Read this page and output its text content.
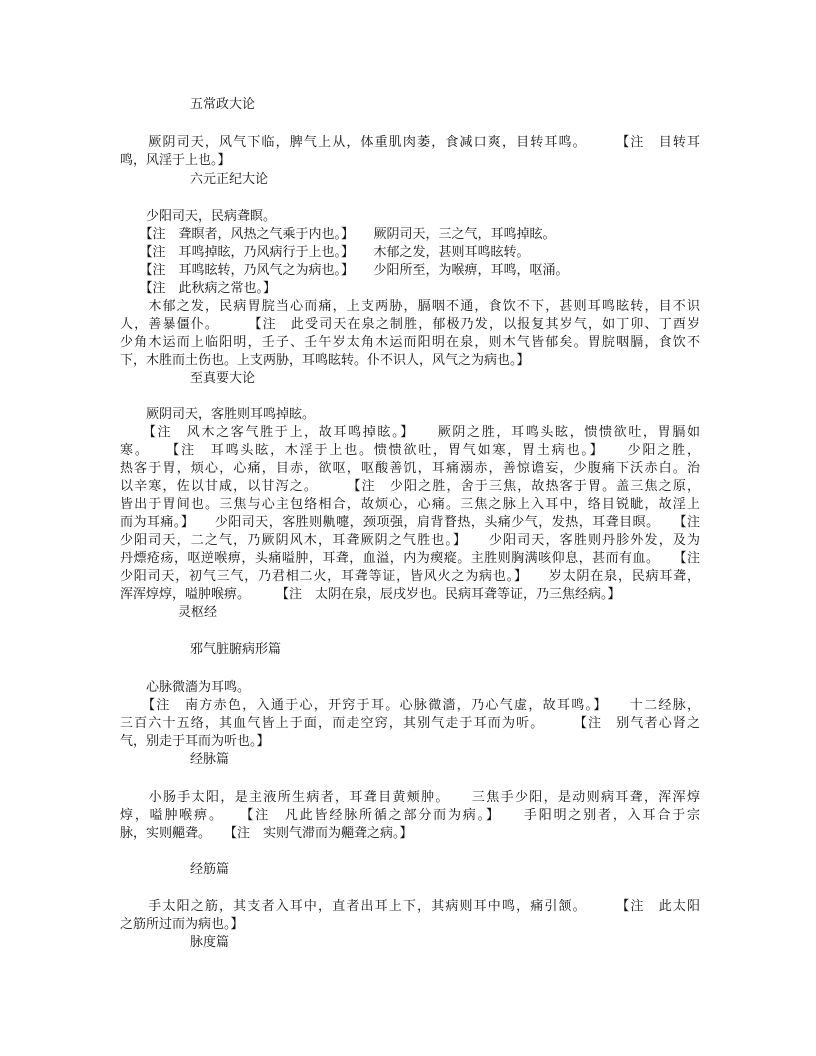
五常政大论
　　厥阴司天，风气下临，脾气上从，体重肌肉萎，食减口爽，目转耳鸣。　　　【注　目转耳
鸣，风淫于上也。】
六元正纪大论
　　少阳司天，民病聋瞑。
　　【注　聋瞑者，风热之气乘于内也。】　　厥阴司天，三之气，耳鸣掉眩。
　　【注　耳鸣掉眩，乃风病行于上也。】　　木郁之发，甚则耳鸣眩转。
　　【注　耳鸣眩转，乃风气之为病也。】　　少阳所至，为喉痹，耳鸣，呕涌。
　　【注　此秋病之常也。】
　　木郁之发，民病胃脘当心而痛，上支两胁，膈咽不通，食饮不下，甚则耳鸣眩转，目不识
人，善暴僵仆。　　　【注　此受司天在泉之制胜，郁极乃发，以报复其岁气，如丁卯、丁酉岁
少角木运而上临阳明，壬子、壬午岁太角木运而阳明在泉，则木气皆郁矣。胃脘咽膈，食饮不
下，木胜而土伤也。上支两胁，耳鸣眩转。仆不识人，风气之为病也。】
至真要大论
　　厥阴司天，客胜则耳鸣掉眩。
　　【注　风木之客气胜于上，故耳鸣掉眩。】　　厥阴之胜，耳鸣头眩，愦愦欲吐，胃膈如
寒。　　【注　耳鸣头眩，木淫于上也。愦愦欲吐，胃气如寒，胃土病也。】　　少阳之胜，
热客于胃，烦心，心痛，目赤，欲呕，呕酸善饥，耳痛溺赤，善惊谵妄，少腹痛下沃赤白。治
以辛寒，佐以甘咸，以甘泻之。　　　【注　少阳之胜，舍于三焦，故热客于胃。盖三焦之原，
皆出于胃间也。三焦与心主包络相合，故烦心，心痛。三焦之脉上入耳中，络目锐眦，故淫上
而为耳痛。】　　少阳司天，客胜则鼽嚏，颈项强，肩背瞀热，头痛少气，发热，耳聋目暝。　　【注
少阳司天，二之气，乃厥阴风木，耳聋厥阴之气胜也。】　　少阳司天，客胜则丹胗外发，及为
丹熛疮疡，呕逆喉痹，头痛嗌肿，耳聋，血溢，内为瘈瘲。主胜则胸满咳仰息，甚而有血。　　【注
少阳司天，初气三气，乃君相二火，耳聋等证，皆风火之为病也。】　　岁太阴在泉，民病耳聋，
浑浑焞焞，嗌肿喉痹。　　　【注　太阴在泉，辰戌岁也。民病耳聋等证，乃三焦经病。】
灵枢经
邪气脏腑病形篇
　　心脉微濇为耳鸣。
　　【注　南方赤色，入通于心，开窍于耳。心脉微濇，乃心气虚，故耳鸣。】　　十二经脉，
三百六十五络，其血气皆上于面，而走空窍，其别气走于耳而为听。　　　【注　别气者心肾之
气，别走于耳而为听也。】
经脉篇
　　小肠手太阳，是主液所生病者，耳聋目黄颊肿。　　三焦手少阳，是动则病耳聋，浑浑焞
焞，嗌肿喉痹。　　【注　凡此皆经脉所循之部分而为病。】　　手阳明之别者，入耳合于宗
脉，实则齆聋。　　【注　实则气滞而为齆聋之病。】
经筋篇
　　手太阳之筋，其支者入耳中，直者出耳上下，其病则耳中鸣，痛引颔。　　　【注　此太阳
之筋所过而为病也。】
脉度篇
